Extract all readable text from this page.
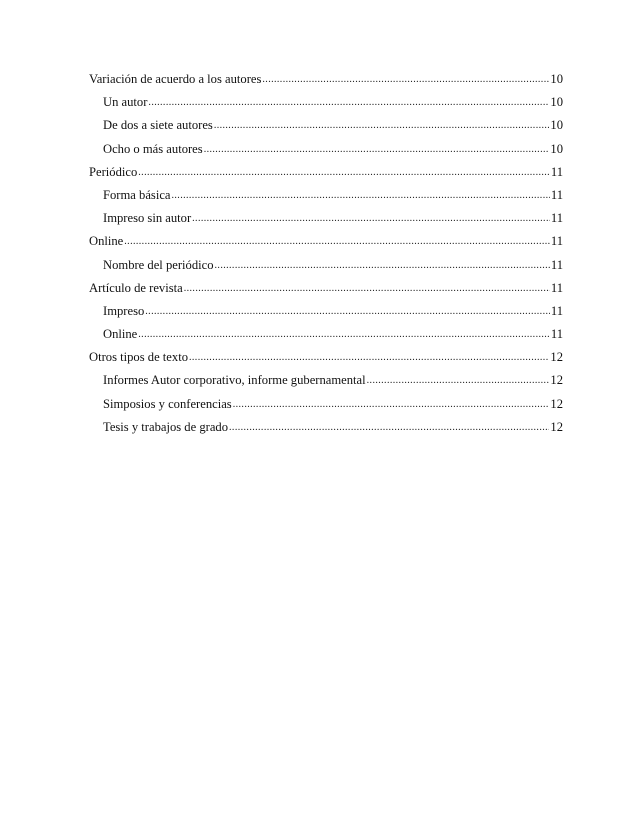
Variación de acuerdo a los autores .....	10
Un autor .....	10
De dos a siete autores .....	10
Ocho o más autores .....	10
Periódico .....	11
Forma básica .....	11
Impreso sin autor .....	11
Online .....	11
Nombre del periódico .....	11
Artículo de revista .....	11
Impreso .....	11
Online .....	11
Otros tipos de texto .....	12
Informes Autor corporativo, informe gubernamental .....	12
Simposios y conferencias .....	12
Tesis y trabajos de grado .....	12
